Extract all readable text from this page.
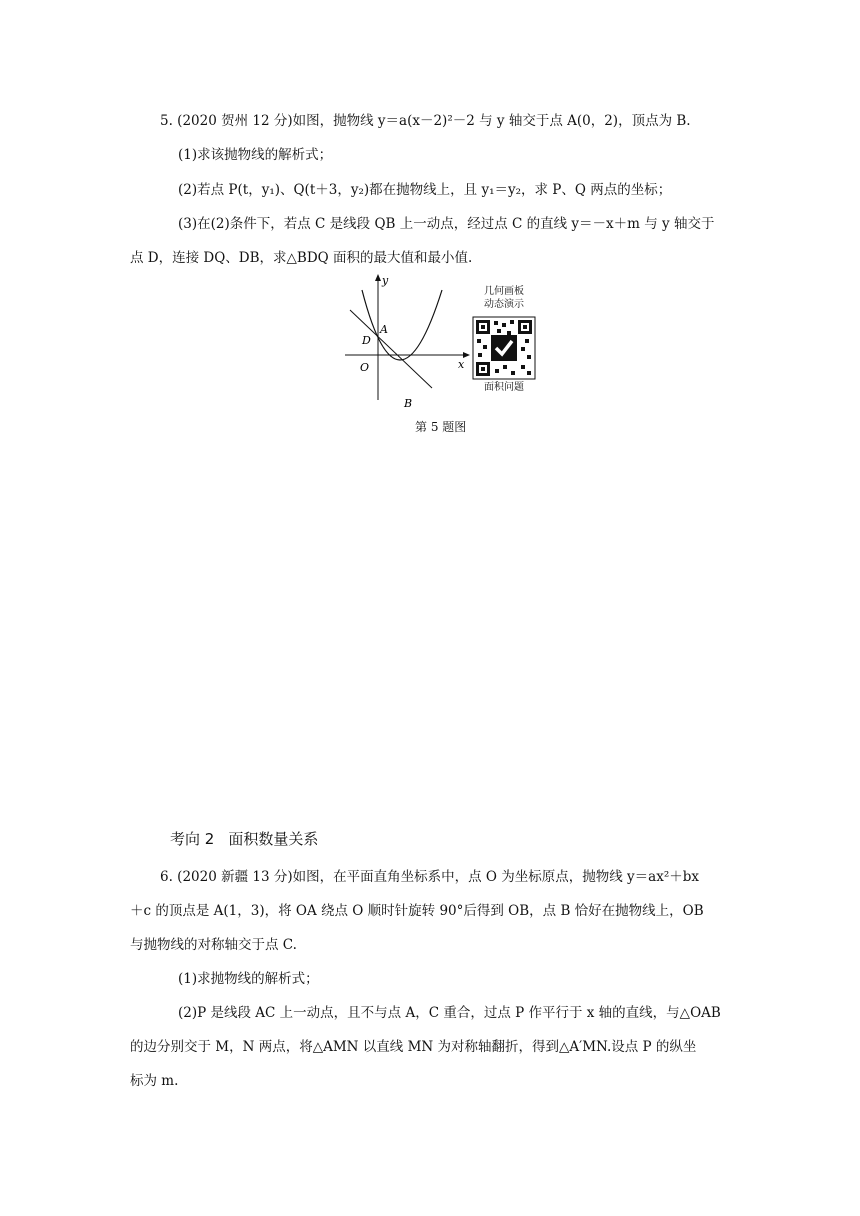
5. (2020 贺州 12 分)如图，抛物线 y＝a(x－2)²－2 与 y 轴交于点 A(0，2)，顶点为 B.
(1)求该抛物线的解析式；
(2)若点 P(t，y₁)、Q(t＋3，y₂)都在抛物线上，且 y₁＝y₂，求 P、Q 两点的坐标；
(3)在(2)条件下，若点 C 是线段 QB 上一动点，经过点 C 的直线 y＝－x＋m 与 y 轴交于
点 D，连接 DQ、DB，求△BDQ 面积的最大值和最小值.
y
x
A
D
O
B
几何画板
动态演示
面积问题
第 5 题图
考向 2 面积数量关系
6. (2020 新疆 13 分)如图，在平面直角坐标系中，点 O 为坐标原点，抛物线 y＝ax²＋bx
＋c 的顶点是 A(1，3)，将 OA 绕点 O 顺时针旋转 90°后得到 OB，点 B 恰好在抛物线上，OB
与抛物线的对称轴交于点 C.
(1)求抛物线的解析式；
(2)P 是线段 AC 上一动点，且不与点 A，C 重合，过点 P 作平行于 x 轴的直线，与△OAB
的边分别交于 M，N 两点，将△AMN 以直线 MN 为对称轴翻折，得到△A′MN.设点 P 的纵坐
标为 m.
